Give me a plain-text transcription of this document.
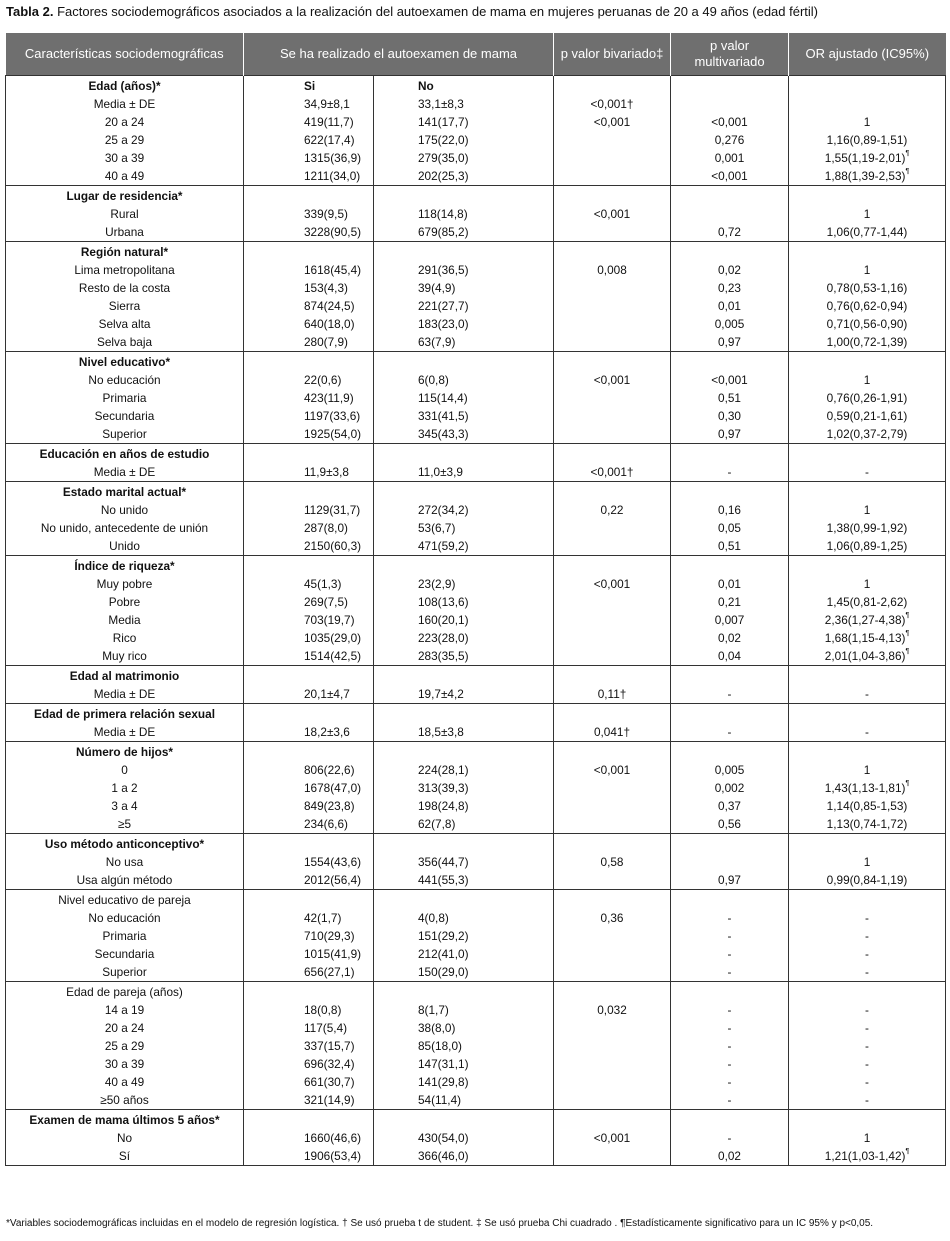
Tabla 2. Factores sociodemográficos asociados a la realización del autoexamen de mama en mujeres peruanas de 20 a 49 años (edad fértil)
Características sociodemográficas	Se ha realizado el autoexamen de mama		p valor bivariado‡	p valor multivariado	OR ajustado (IC95%)
Edad (años)*	Si	No			
Media ± DE	34,9±8,1	33,1±8,3	<0,001†		
20 a 24	419(11,7)	141(17,7)	<0,001	<0,001	1
25 a 29	622(17,4)	175(22,0)		0,276	1,16(0,89-1,51)
30 a 39	1315(36,9)	279(35,0)		0,001	1,55(1,19-2,01)¶
40 a 49	1211(34,0)	202(25,3)		<0,001	1,88(1,39-2,53)¶
Lugar de residencia*					
Rural	339(9,5)	118(14,8)	<0,001		1
Urbana	3228(90,5)	679(85,2)		0,72	1,06(0,77-1,44)
Región natural*					
Lima metropolitana	1618(45,4)	291(36,5)	0,008	0,02	1
Resto de la costa	153(4,3)	39(4,9)		0,23	0,78(0,53-1,16)
Sierra	874(24,5)	221(27,7)		0,01	0,76(0,62-0,94)
Selva alta	640(18,0)	183(23,0)		0,005	0,71(0,56-0,90)
Selva baja	280(7,9)	63(7,9)		0,97	1,00(0,72-1,39)
Nivel educativo*					
No educación	22(0,6)	6(0,8)	<0,001	<0,001	1
Primaria	423(11,9)	115(14,4)		0,51	0,76(0,26-1,91)
Secundaria	1197(33,6)	331(41,5)		0,30	0,59(0,21-1,61)
Superior	1925(54,0)	345(43,3)		0,97	1,02(0,37-2,79)
Educación en años de estudio					
Media ± DE	11,9±3,8	11,0±3,9	<0,001†	-	-
Estado marital actual*					
No unido	1129(31,7)	272(34,2)	0,22	0,16	1
No unido, antecedente de unión	287(8,0)	53(6,7)		0,05	1,38(0,99-1,92)
Unido	2150(60,3)	471(59,2)		0,51	1,06(0,89-1,25)
Índice de riqueza*					
Muy pobre	45(1,3)	23(2,9)	<0,001	0,01	1
Pobre	269(7,5)	108(13,6)		0,21	1,45(0,81-2,62)
Media	703(19,7)	160(20,1)		0,007	2,36(1,27-4,38)¶
Rico	1035(29,0)	223(28,0)		0,02	1,68(1,15-4,13)¶
Muy rico	1514(42,5)	283(35,5)		0,04	2,01(1,04-3,86)¶
Edad al matrimonio					
Media ± DE	20,1±4,7	19,7±4,2	0,11†	-	-
Edad de primera relación sexual					
Media ± DE	18,2±3,6	18,5±3,8	0,041†	-	-
Número de hijos*					
0	806(22,6)	224(28,1)	<0,001	0,005	1
1 a 2	1678(47,0)	313(39,3)		0,002	1,43(1,13-1,81)¶
3 a 4	849(23,8)	198(24,8)		0,37	1,14(0,85-1,53)
≥5	234(6,6)	62(7,8)		0,56	1,13(0,74-1,72)
Uso método anticonceptivo*					
No usa	1554(43,6)	356(44,7)	0,58		1
Usa algún método	2012(56,4)	441(55,3)		0,97	0,99(0,84-1,19)
Nivel educativo de pareja					
No educación	42(1,7)	4(0,8)	0,36	-	-
Primaria	710(29,3)	151(29,2)		-	-
Secundaria	1015(41,9)	212(41,0)		-	-
Superior	656(27,1)	150(29,0)		-	-
Edad de pareja (años)					
14 a 19	18(0,8)	8(1,7)	0,032	-	-
20 a 24	117(5,4)	38(8,0)		-	-
25 a 29	337(15,7)	85(18,0)		-	-
30 a 39	696(32,4)	147(31,1)		-	-
40 a 49	661(30,7)	141(29,8)		-	-
≥50 años	321(14,9)	54(11,4)		-	-
Examen de mama últimos 5 años*					
No	1660(46,6)	430(54,0)	<0,001	-	1
Sí	1906(53,4)	366(46,0)		0,02	1,21(1,03-1,42)¶
*Variables sociodemográficas incluidas en el modelo de regresión logística. † Se usó prueba t de student. ‡ Se usó prueba Chi cuadrado . ¶Estadísticamente significativo para un IC 95% y p<0,05.
